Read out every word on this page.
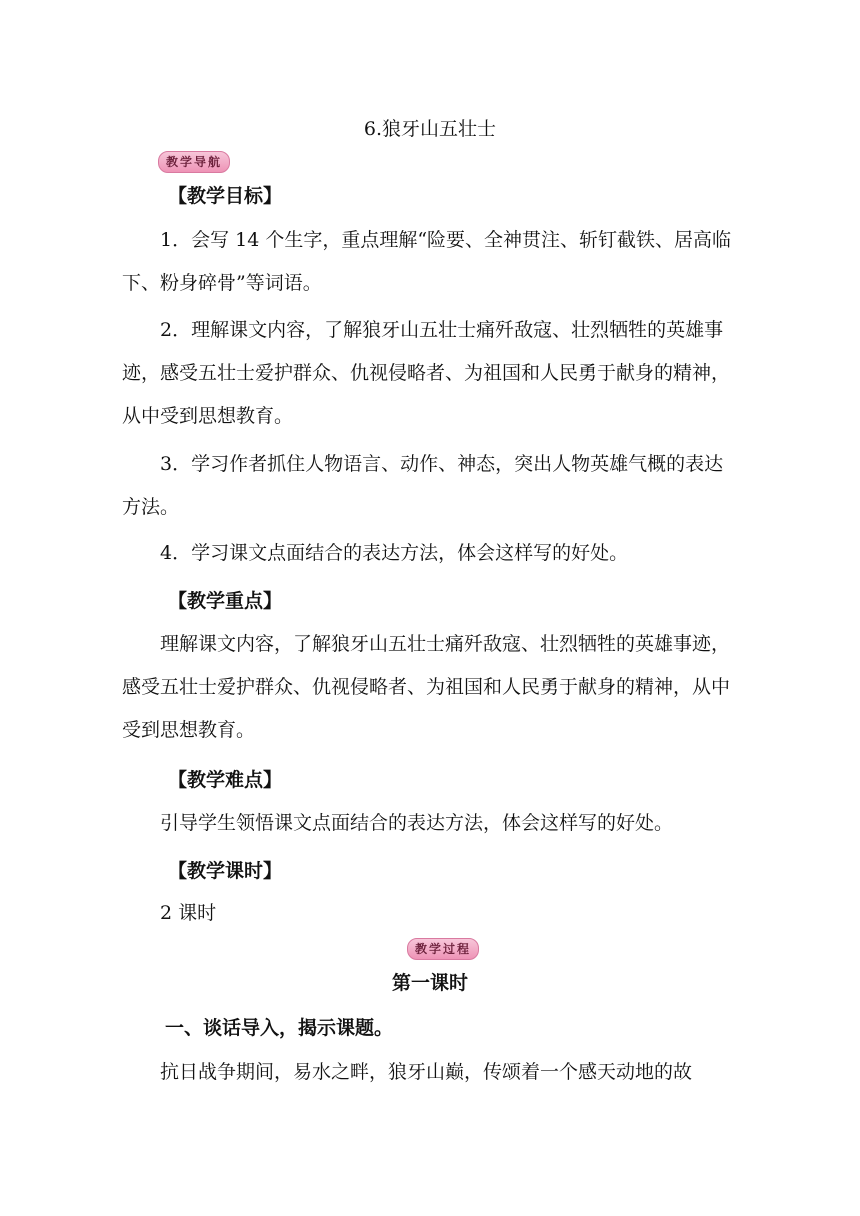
6.狼牙山五壮士
教学导航
【教学目标】

1．会写 14 个生字，重点理解“险要、全神贯注、斩钉截铁、居高临下、粉身碎骨”等词语。

2．理解课文内容，了解狼牙山五壮士痛歼敌寇、壮烈牺牲的英雄事迹，感受五壮士爱护群众、仇视侵略者、为祖国和人民勇于献身的精神，从中受到思想教育。

3．学习作者抓住人物语言、动作、神态，突出人物英雄气概的表达方法。

4．学习课文点面结合的表达方法，体会这样写的好处。

【教学重点】

理解课文内容，了解狼牙山五壮士痛歼敌寇、壮烈牺牲的英雄事迹，感受五壮士爱护群众、仇视侵略者、为祖国和人民勇于献身的精神，从中受到思想教育。

【教学难点】

引导学生领悟课文点面结合的表达方法，体会这样写的好处。

【教学课时】

2 课时

教学过程
第一课时
一、谈话导入，揭示课题。

抗日战争期间，易水之畔，狼牙山巅，传颂着一个感天动地的故
